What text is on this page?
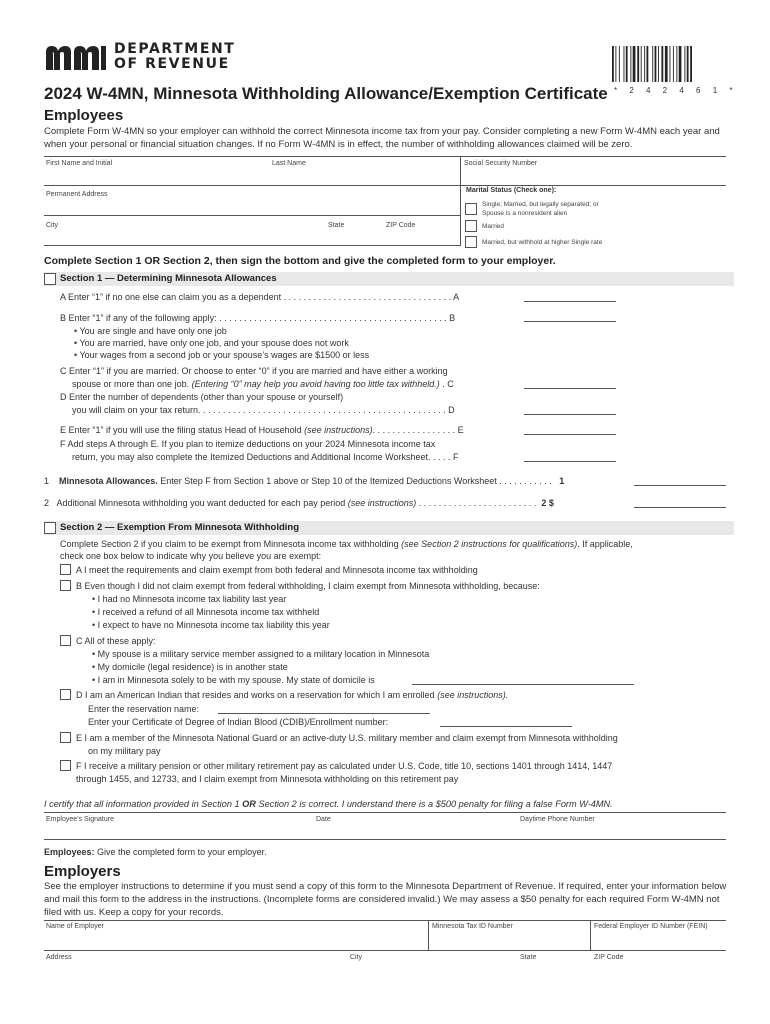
DEPARTMENT
OF REVENUE
* 2 4 2 4 6 1 *
2024 W-4MN, Minnesota Withholding Allowance/Exemption Certificate
Employees
Complete Form W-4MN so your employer can withhold the correct Minnesota income tax from your pay. Consider completing a new Form W-4MN each year and when your personal or financial situation changes. If no Form W-4MN is in effect, the number of withholding allowances claimed will be zero.
First Name and Initial	Last Name	Social Security Number
Permanent Address
City	State	ZIP Code
Marital Status (Check one):
Single; Married, but legally separated; or
Spouse is a nonresident alien
Married
Married, but withhold at higher Single rate
Complete Section 1 OR Section 2, then sign the bottom and give the completed form to your employer.
Section 1 — Determining Minnesota Allowances
A Enter “1” if no one else can claim you as a dependent . . . . . . . . . . . . . . . . . . . . . . . . . . . . . . . . . . A
B Enter “1” if any of the following apply: . . . . . . . . . . . . . . . . . . . . . . . . . . . . . . . . . . . . . . . . . . . . . . B
• You are single and have only one job
• You are married, have only one job, and your spouse does not work
• Your wages from a second job or your spouse’s wages are $1500 or less
C Enter “1” if you are married. Or choose to enter “0” if you are married and have either a working
spouse or more than one job. (Entering “0” may help you avoid having too little tax withheld.) . C
D Enter the number of dependents (other than your spouse or yourself)
you will claim on your tax return. . . . . . . . . . . . . . . . . . . . . . . . . . . . . . . . . . . . . . . . . . . . . . . . . . D
E Enter “1” if you will use the filing status Head of Household (see instructions). . . . . . . . . . . . . . . . . E
F Add steps A through E. If you plan to itemize deductions on your 2024 Minnesota income tax
return, you may also complete the Itemized Deductions and Additional Income Worksheet. . . . . F
1 Minnesota Allowances. Enter Step F from Section 1 above or Step 10 of the Itemized Deductions Worksheet . . . . . . . . . . . 1
2 Additional Minnesota withholding you want deducted for each pay period (see instructions) . . . . . . . . . . . . . . . . . . . . . . . . 2 $
Section 2 — Exemption From Minnesota Withholding
Complete Section 2 if you claim to be exempt from Minnesota income tax withholding (see Section 2 instructions for qualifications). If applicable,
check one box below to indicate why you believe you are exempt:
A I meet the requirements and claim exempt from both federal and Minnesota income tax withholding
B Even though I did not claim exempt from federal withholding, I claim exempt from Minnesota withholding, because:
• I had no Minnesota income tax liability last year
• I received a refund of all Minnesota income tax withheld
• I expect to have no Minnesota income tax liability this year
C All of these apply:
• My spouse is a military service member assigned to a military location in Minnesota
• My domicile (legal residence) is in another state
• I am in Minnesota solely to be with my spouse. My state of domicile is
D I am an American Indian that resides and works on a reservation for which I am enrolled (see instructions).
Enter the reservation name:
Enter your Certificate of Degree of Indian Blood (CDIB)/Enrollment number:
E I am a member of the Minnesota National Guard or an active-duty U.S. military member and claim exempt from Minnesota withholding
on my military pay
F I receive a military pension or other military retirement pay as calculated under U.S. Code, title 10, sections 1401 through 1414, 1447
through 1455, and 12733, and I claim exempt from Minnesota withholding on this retirement pay
I certify that all information provided in Section 1 OR Section 2 is correct. I understand there is a $500 penalty for filing a false Form W-4MN.
Employee’s Signature	Date	Daytime Phone Number
Employees: Give the completed form to your employer.
Employers
See the employer instructions to determine if you must send a copy of this form to the Minnesota Department of Revenue. If required, enter your information below and mail this form to the address in the instructions. (Incomplete forms are considered invalid.) We may assess a $50 penalty for each required Form W-4MN not filed with us. Keep a copy for your records.
Name of Employer	Minnesota Tax ID Number	Federal Employer ID Number (FEIN)
Address	City	State	ZIP Code
